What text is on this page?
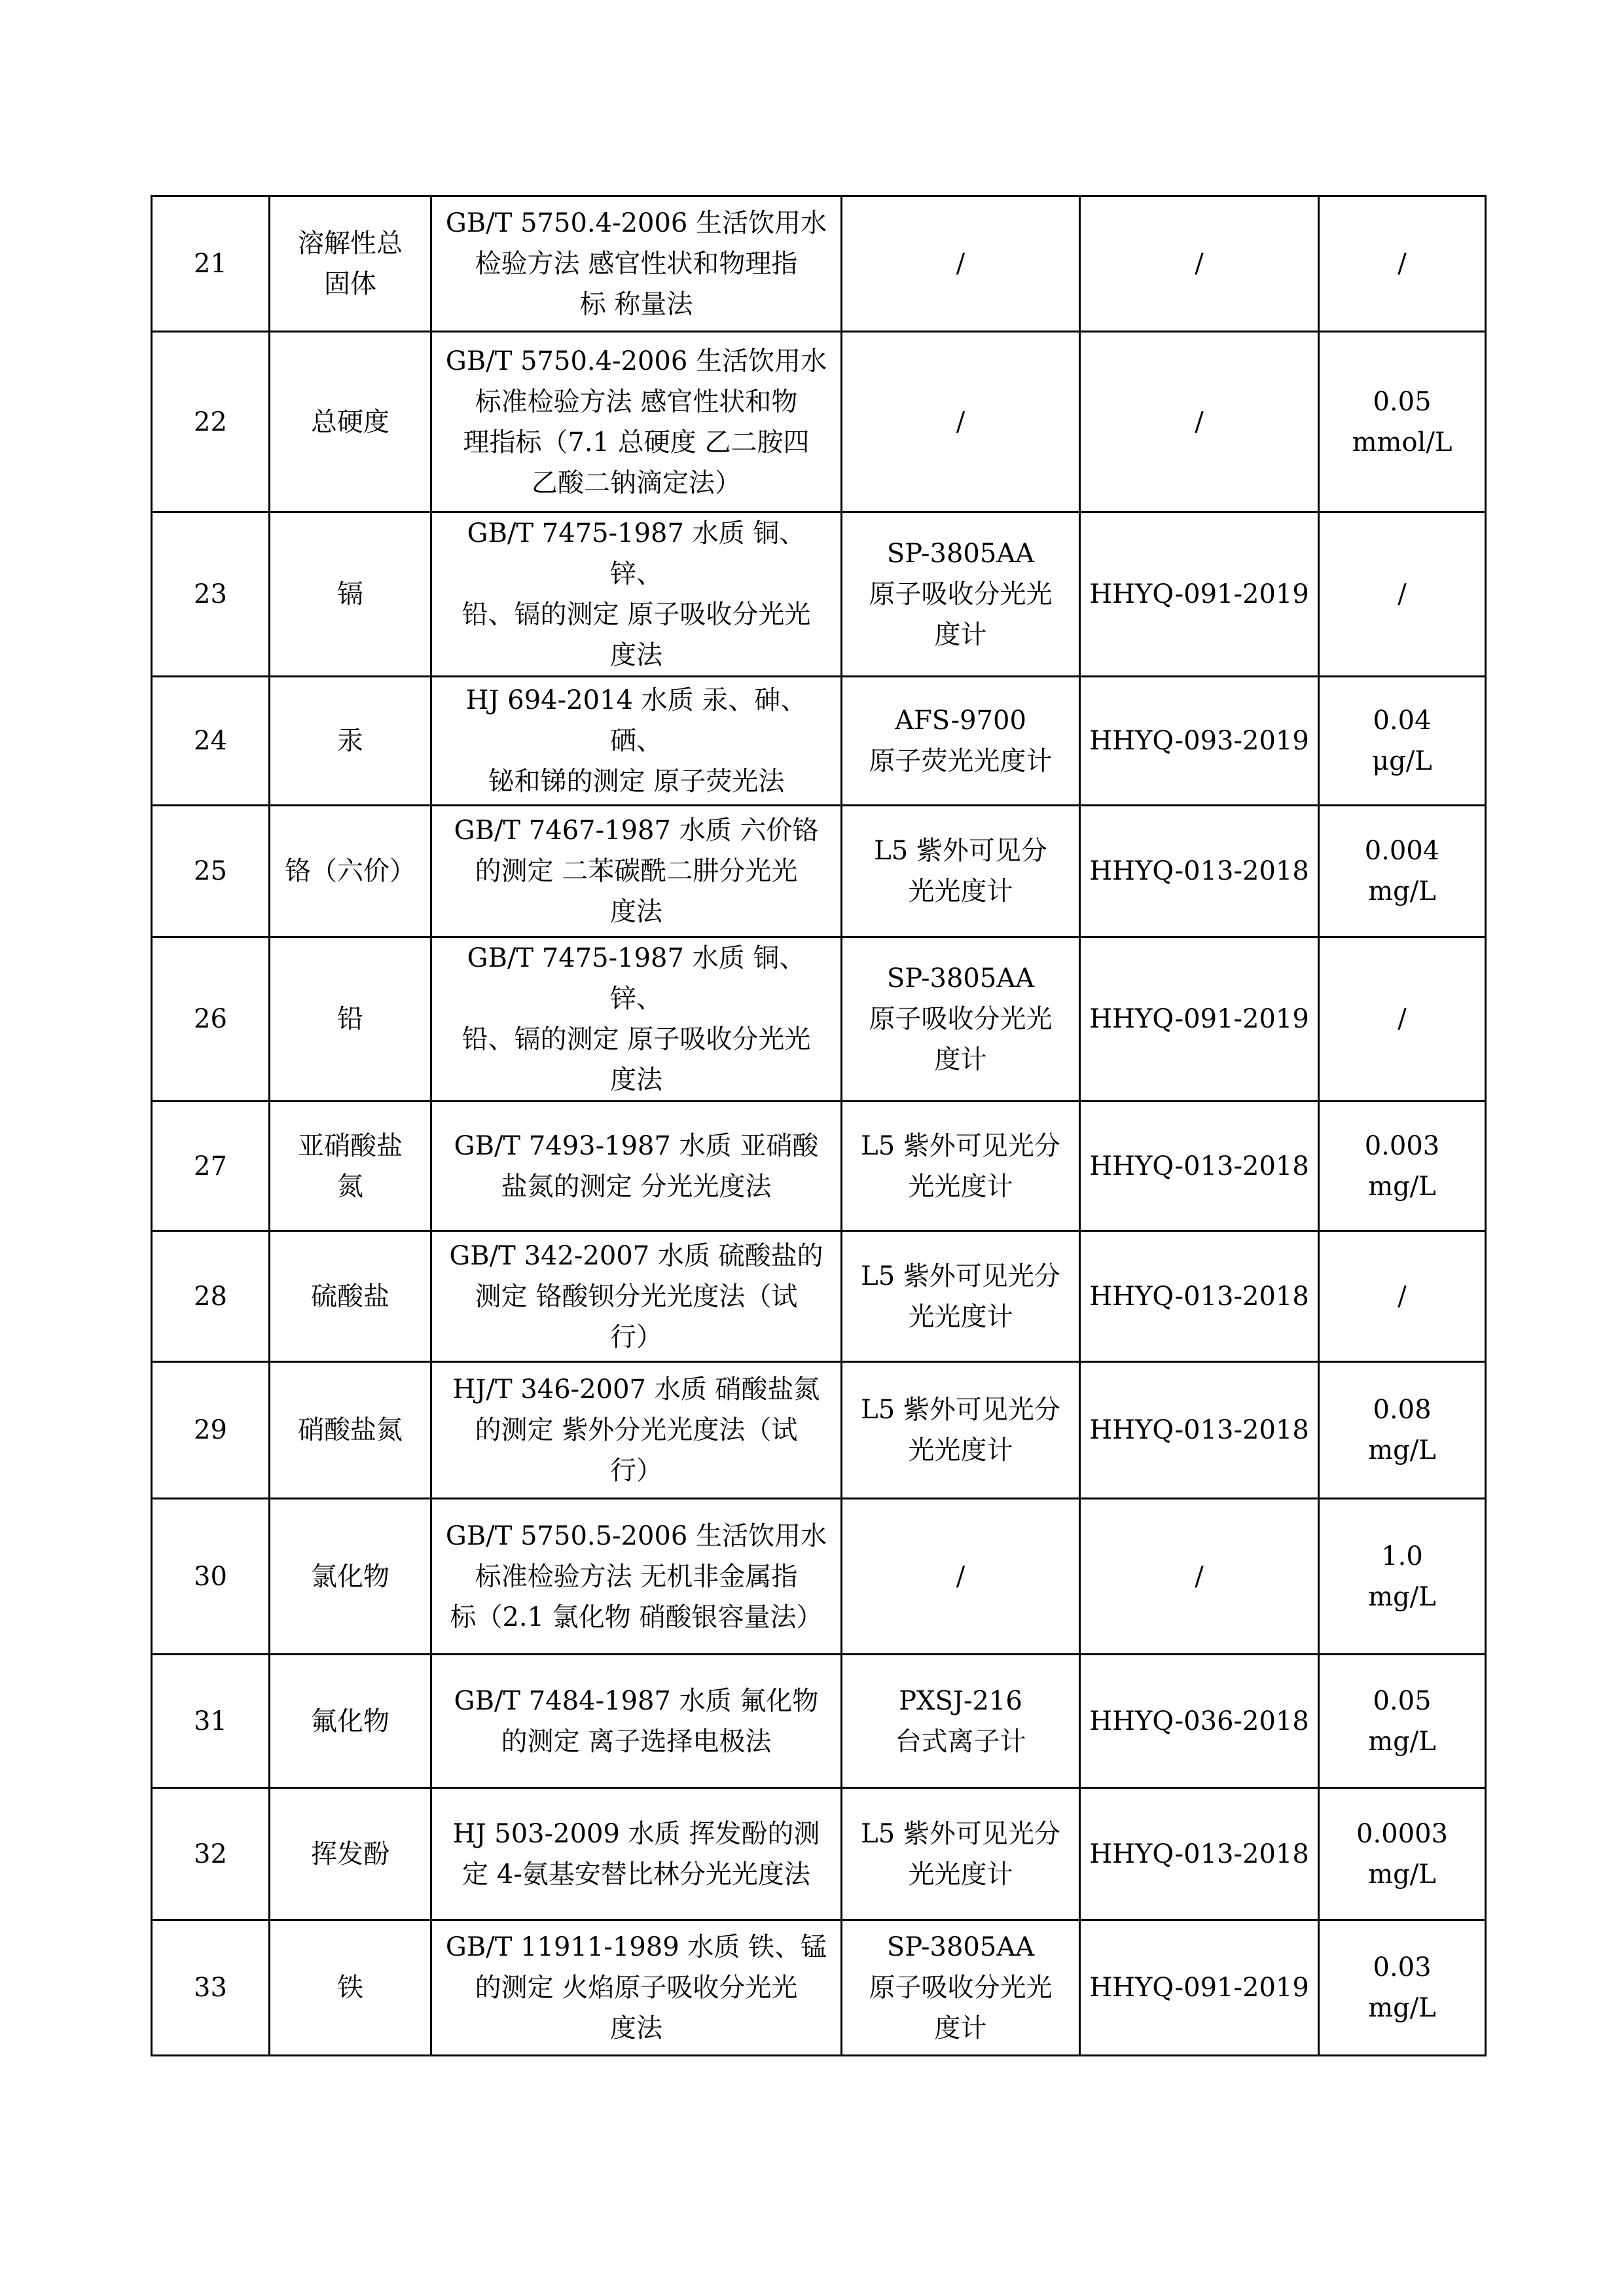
21	溶解性总
固体	GB/T 5750.4-2006 生活饮用水
检验方法 感官性状和物理指
标 称量法	/	/	/
22	总硬度	GB/T 5750.4-2006 生活饮用水
标准检验方法 感官性状和物
理指标（7.1 总硬度 乙二胺四
乙酸二钠滴定法）	/	/	0.05
mmol/L

23	镉	GB/T 7475-1987 水质 铜、锌、
铅、镉的测定 原子吸收分光光
度法	SP-3805AA
原子吸收分光光
度计	HHYQ-091-2019	/
24	汞	HJ 694-2014 水质 汞、砷、硒、
铋和锑的测定 原子荧光法	AFS-9700
原子荧光光度计	HHYQ-093-2019	0.04
μg/L

25	铬（六价）	GB/T 7467-1987 水质 六价铬
的测定 二苯碳酰二肼分光光
度法	L5 紫外可见分
光光度计	HHYQ-013-2018	0.004
mg/L

26	铅	GB/T 7475-1987 水质 铜、锌、
铅、镉的测定 原子吸收分光光
度法	SP-3805AA
原子吸收分光光
度计	HHYQ-091-2019	/
27	亚硝酸盐
氮	GB/T 7493-1987 水质 亚硝酸
盐氮的测定 分光光度法	L5 紫外可见光分
光光度计	HHYQ-013-2018	0.003
mg/L

28	硫酸盐	GB/T 342-2007 水质 硫酸盐的
测定 铬酸钡分光光度法（试
行）	L5 紫外可见光分
光光度计	HHYQ-013-2018	/
29	硝酸盐氮	HJ/T 346-2007 水质 硝酸盐氮
的测定 紫外分光光度法（试
行）	L5 紫外可见光分
光光度计	HHYQ-013-2018	0.08
mg/L

30	氯化物	GB/T 5750.5-2006 生活饮用水
标准检验方法 无机非金属指
标（2.1 氯化物 硝酸银容量法）	/	/	1.0
mg/L

31	氟化物	GB/T 7484-1987 水质 氟化物
的测定 离子选择电极法	PXSJ-216
台式离子计	HHYQ-036-2018	0.05
mg/L

32	挥发酚	HJ 503-2009 水质 挥发酚的测
定 4-氨基安替比林分光光度法	L5 紫外可见光分
光光度计	HHYQ-013-2018	0.0003
mg/L

33	铁	GB/T 11911-1989 水质 铁、锰
的测定 火焰原子吸收分光光
度法	SP-3805AA
原子吸收分光光
度计	HHYQ-091-2019	0.03
mg/L
